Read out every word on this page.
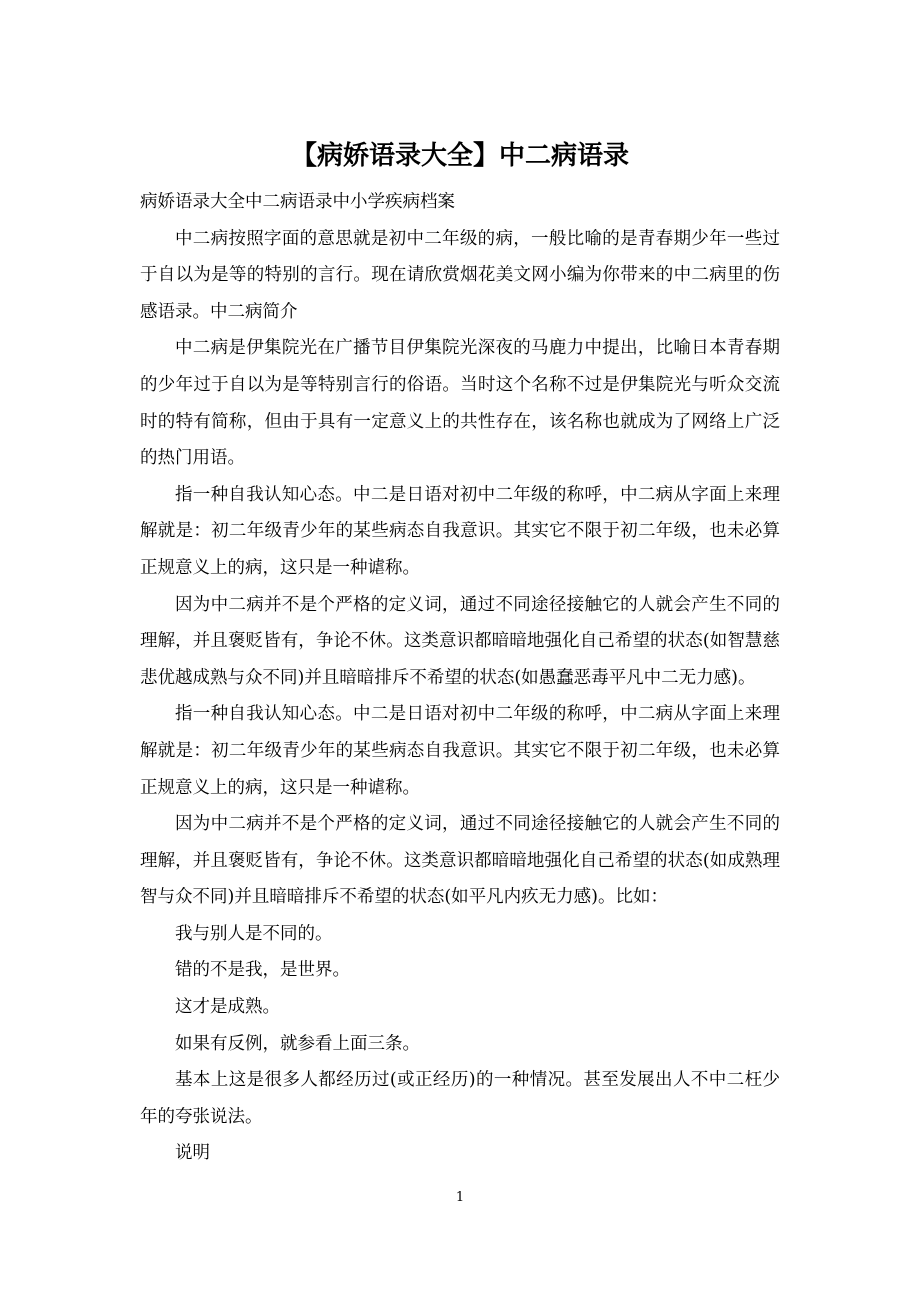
【病娇语录大全】中二病语录

病娇语录大全中二病语录中小学疾病档案

中二病按照字面的意思就是初中二年级的病，一般比喻的是青春期少年一些过于自以为是等的特别的言行。现在请欣赏烟花美文网小编为你带来的中二病里的伤感语录。中二病简介

中二病是伊集院光在广播节目伊集院光深夜的马鹿力中提出，比喻日本青春期的少年过于自以为是等特别言行的俗语。当时这个名称不过是伊集院光与听众交流时的特有简称，但由于具有一定意义上的共性存在，该名称也就成为了网络上广泛的热门用语。

指一种自我认知心态。中二是日语对初中二年级的称呼，中二病从字面上来理解就是：初二年级青少年的某些病态自我意识。其实它不限于初二年级，也未必算正规意义上的病，这只是一种谑称。

因为中二病并不是个严格的定义词，通过不同途径接触它的人就会产生不同的理解，并且褒贬皆有，争论不休。这类意识都暗暗地强化自己希望的状态(如智慧慈悲优越成熟与众不同)并且暗暗排斥不希望的状态(如愚蠢恶毒平凡中二无力感)。

指一种自我认知心态。中二是日语对初中二年级的称呼，中二病从字面上来理解就是：初二年级青少年的某些病态自我意识。其实它不限于初二年级，也未必算正规意义上的病，这只是一种谑称。

因为中二病并不是个严格的定义词，通过不同途径接触它的人就会产生不同的理解，并且褒贬皆有，争论不休。这类意识都暗暗地强化自己希望的状态(如成熟理智与众不同)并且暗暗排斥不希望的状态(如平凡内疚无力感)。比如：

我与别人是不同的。

错的不是我，是世界。

这才是成熟。

如果有反例，就参看上面三条。

基本上这是很多人都经历过(或正经历)的一种情况。甚至发展出人不中二枉少年的夸张说法。

说明

1
